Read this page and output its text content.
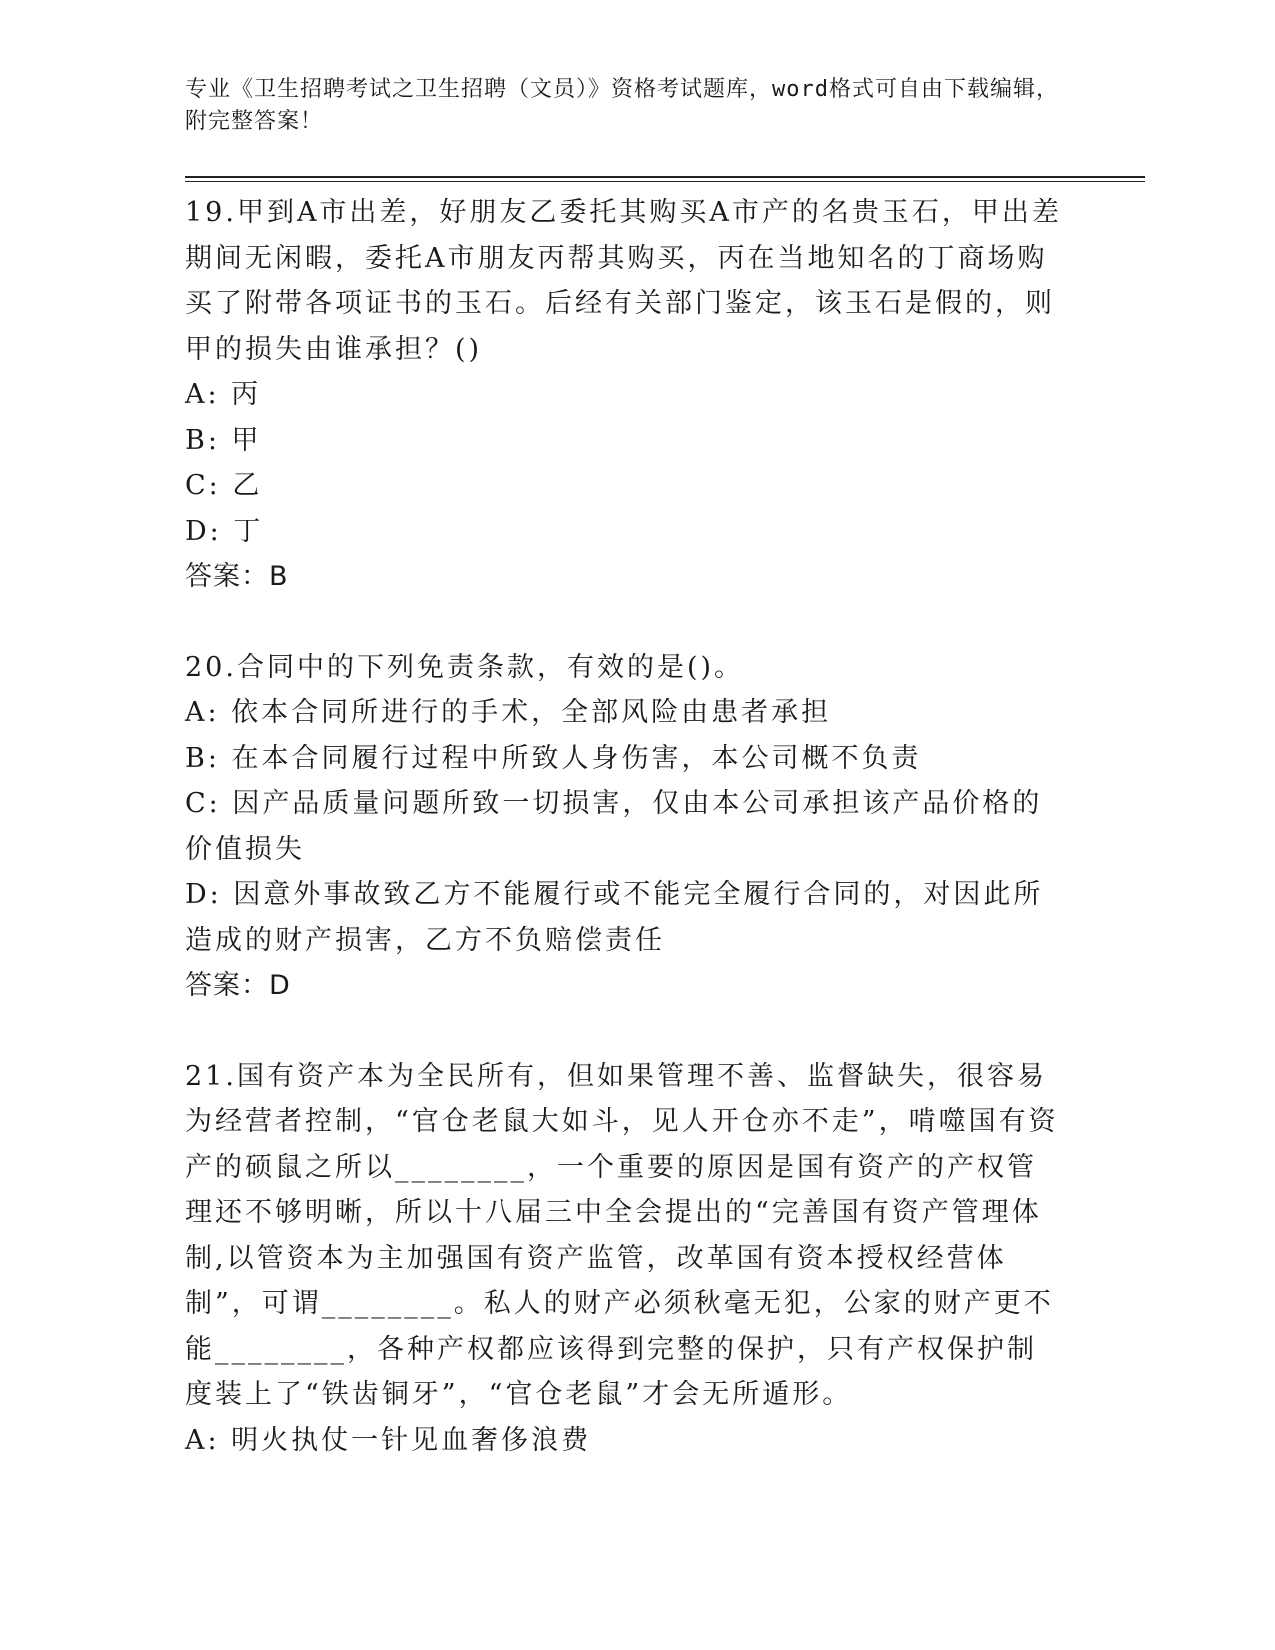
专业《卫生招聘考试之卫生招聘（文员）》资格考试题库，word格式可自由下载编辑，附完整答案！
19.甲到A市出差，好朋友乙委托其购买A市产的名贵玉石，甲出差期间无闲暇，委托A市朋友丙帮其购买，丙在当地知名的丁商场购买了附带各项证书的玉石。后经有关部门鉴定，该玉石是假的，则甲的损失由谁承担？()
A: 丙
B: 甲
C: 乙
D: 丁
答案：B
20.合同中的下列免责条款，有效的是()。
A: 依本合同所进行的手术，全部风险由患者承担
B: 在本合同履行过程中所致人身伤害，本公司概不负责
C: 因产品质量问题所致一切损害，仅由本公司承担该产品价格的价值损失
D: 因意外事故致乙方不能履行或不能完全履行合同的，对因此所造成的财产损害，乙方不负赔偿责任
答案：D
21.国有资产本为全民所有，但如果管理不善、监督缺失，很容易为经营者控制，“官仓老鼠大如斗，见人开仓亦不走”，啃噬国有资产的硕鼠之所以________，一个重要的原因是国有资产的产权管理还不够明晰，所以十八届三中全会提出的“完善国有资产管理体制,以管资本为主加强国有资产监管，改革国有资本授权经营体制”，可谓________。私人的财产必须秋毫无犯，公家的财产更不能________，各种产权都应该得到完整的保护，只有产权保护制度装上了“铁齿铜牙”，“官仓老鼠”才会无所遁形。
A: 明火执仗一针见血奢侈浪费
